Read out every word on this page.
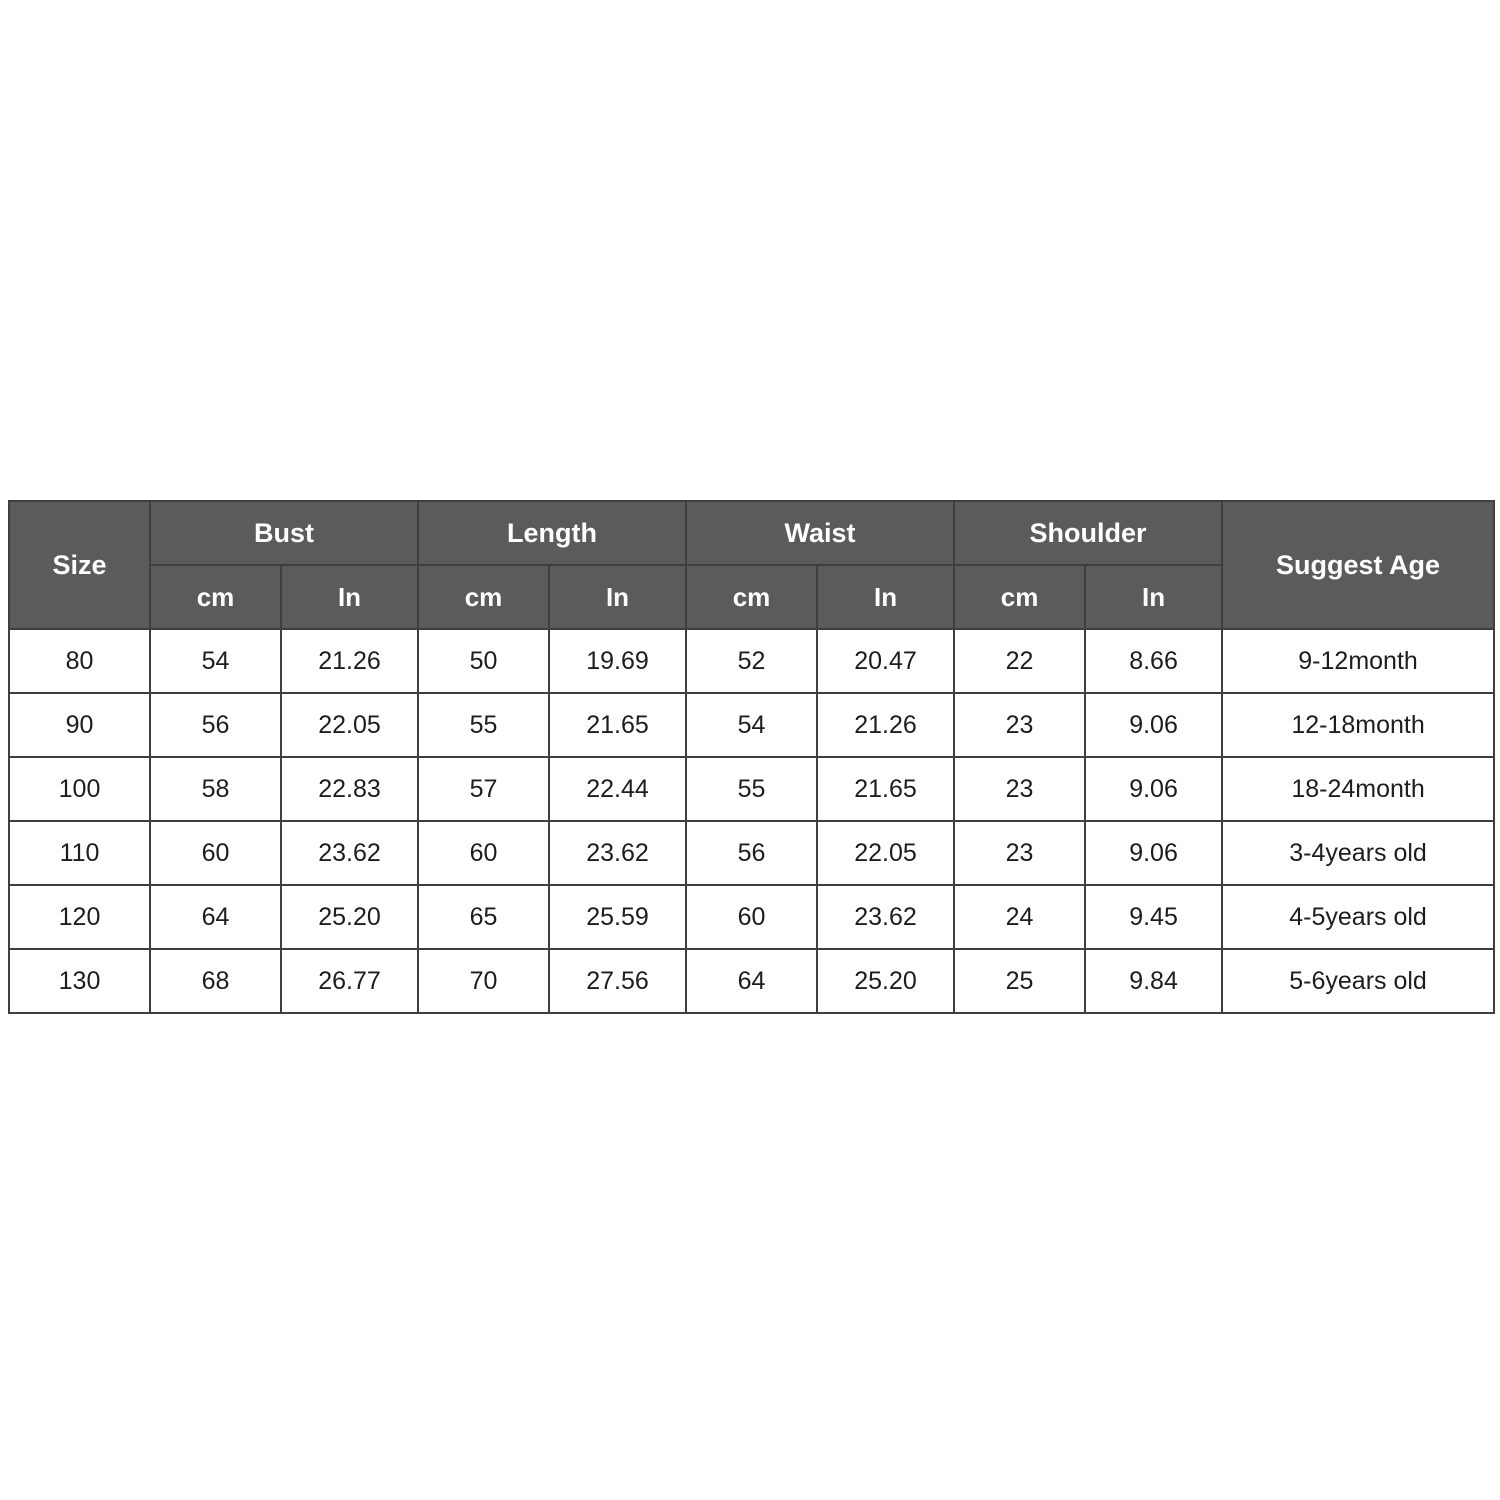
Size	Bust		Length		Waist		Shoulder		Suggest Age
	cm	In	cm	In	cm	In	cm	In	
80	54	21.26	50	19.69	52	20.47	22	8.66	9-12month
90	56	22.05	55	21.65	54	21.26	23	9.06	12-18month
100	58	22.83	57	22.44	55	21.65	23	9.06	18-24month
110	60	23.62	60	23.62	56	22.05	23	9.06	3-4years old
120	64	25.20	65	25.59	60	23.62	24	9.45	4-5years old
130	68	26.77	70	27.56	64	25.20	25	9.84	5-6years old
